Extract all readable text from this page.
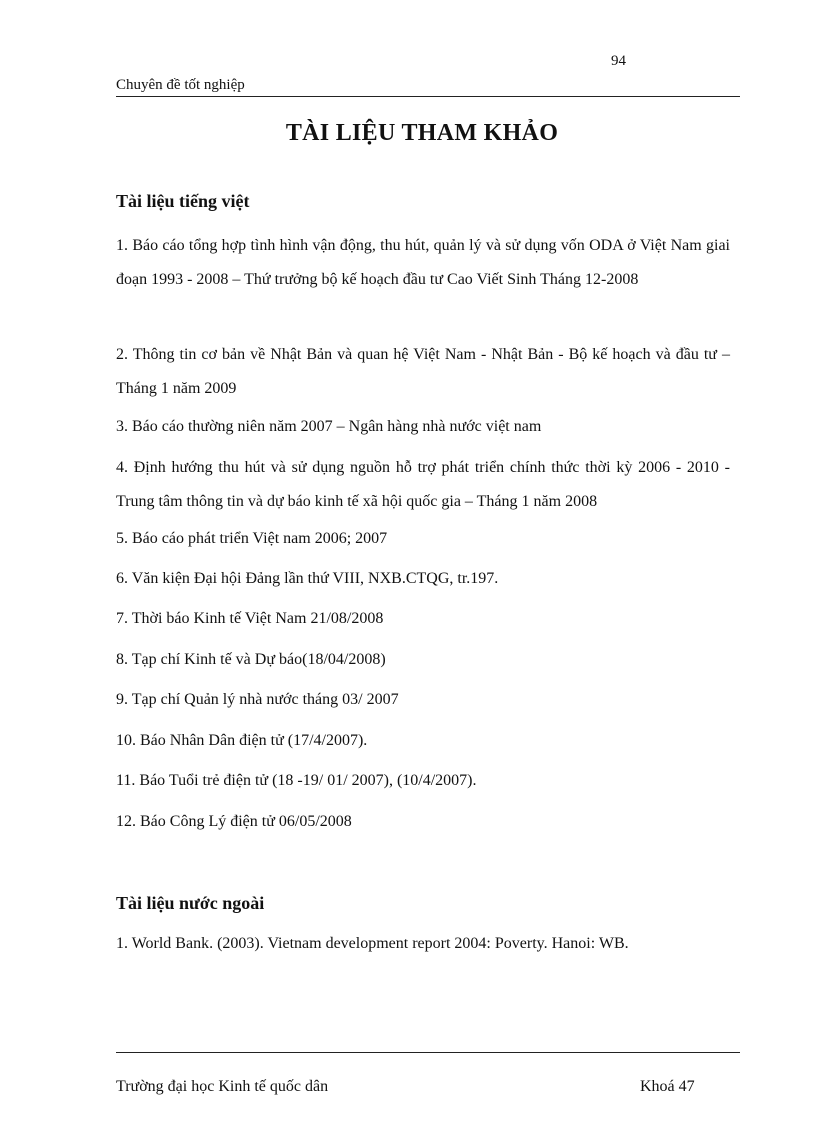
94
Chuyên đề tốt nghiệp
TÀI LIỆU THAM KHẢO
Tài liệu tiếng việt
1. Báo cáo tổng hợp tình hình vận động, thu hút, quản lý và sử dụng vốn ODA ở Việt Nam giai đoạn 1993 - 2008 – Thứ trưởng bộ kế hoạch đầu tư Cao Viết Sinh Tháng 12-2008
2. Thông tin cơ bản về Nhật Bản và quan hệ Việt Nam - Nhật Bản - Bộ kế hoạch và đầu tư – Tháng 1 năm 2009
3. Báo cáo thường niên năm 2007 – Ngân hàng nhà nước việt nam
4. Định hướng thu hút và sử dụng nguồn hỗ trợ phát triển chính thức thời kỳ 2006 - 2010 - Trung tâm thông tin và dự báo kinh tế xã hội quốc gia – Tháng 1 năm 2008
5. Báo cáo phát triển Việt nam 2006; 2007
6. Văn kiện Đại hội Đảng lần thứ VIII, NXB.CTQG, tr.197.
7. Thời báo Kinh tế Việt Nam 21/08/2008
8. Tạp chí Kinh tế và Dự báo(18/04/2008)
9. Tạp chí Quản lý nhà nước tháng 03/ 2007
10. Báo Nhân Dân điện tử (17/4/2007).
11. Báo Tuổi trẻ điện tử (18 -19/ 01/ 2007), (10/4/2007).
12. Báo Công Lý điện tử 06/05/2008
Tài liệu nước ngoài
1. World Bank. (2003). Vietnam development report 2004: Poverty. Hanoi: WB.
Trường đại học Kinh tế quốc dân	Khoá 47
